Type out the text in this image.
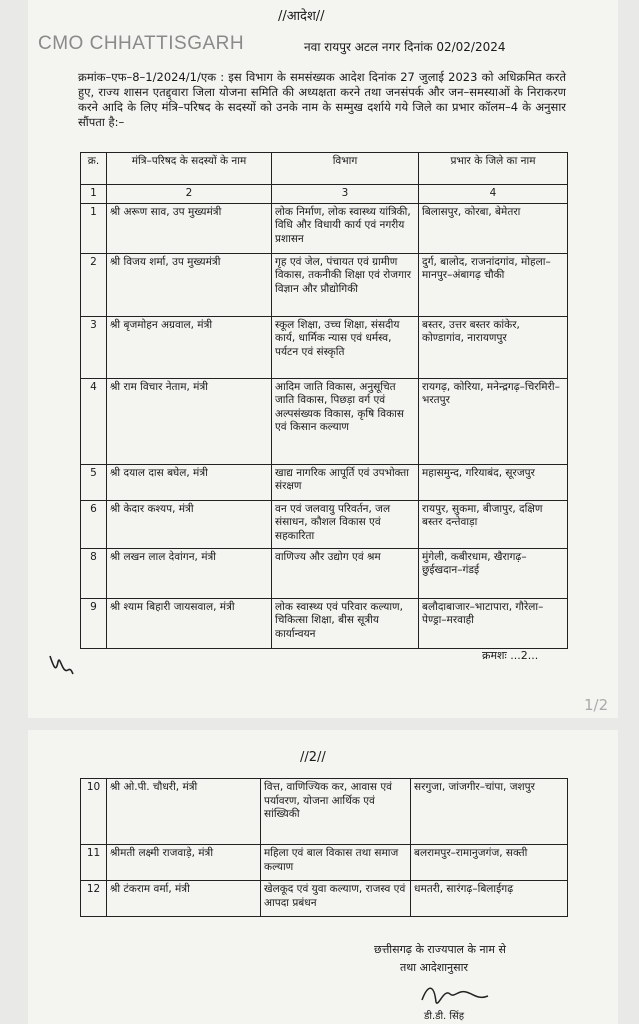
//आदेश//
CMO CHHATTISGARH	नवा रायपुर अटल नगर दिनांक 02/02/2024
क्रमांक–एफ–8–1/2024/1/एक : इस विभाग के समसंख्यक आदेश दिनांक 27 जुलाई 2023 को अधिक्रमित करते हुए, राज्य शासन एतद्द्वारा जिला योजना समिति की अध्यक्षता करने तथा जनसंपर्क और जन–समस्याओं के निराकरण करने आदि के लिए मंत्रि–परिषद के सदस्यों को उनके नाम के सम्मुख दर्शाये गये जिले का प्रभार कॉलम–4 के अनुसार सौंपता है:–
क्र.	मंत्रि–परिषद के सदस्यों के नाम	विभाग	प्रभार के जिले का नाम
1	2	3	4
1	श्री अरूण साव, उप मुख्यमंत्री	लोक निर्माण, लोक स्वास्थ्य यांत्रिकी, विधि और विधायी कार्य एवं नगरीय प्रशासन	बिलासपुर, कोरबा, बेमेतरा
2	श्री विजय शर्मा, उप मुख्यमंत्री	गृह एवं जेल, पंचायत एवं ग्रामीण विकास, तकनीकी शिक्षा एवं रोजगार विज्ञान और प्रौद्योगिकी	दुर्ग, बालोद, राजनांदगांव, मोहला–मानपुर–अंबागढ़ चौकी
3	श्री बृजमोहन अग्रवाल, मंत्री	स्कूल शिक्षा, उच्च शिक्षा, संसदीय कार्य, धार्मिक न्यास एवं धर्मस्व, पर्यटन एवं संस्कृति	बस्तर, उत्तर बस्तर कांकेर, कोण्डागांव, नारायणपुर
4	श्री राम विचार नेताम, मंत्री	आदिम जाति विकास, अनुसूचित जाति विकास, पिछड़ा वर्ग एवं अल्पसंख्यक विकास, कृषि विकास एवं किसान कल्याण	रायगढ़, कोरिया, मनेन्द्रगढ़–चिरमिरी–भरतपुर
5	श्री दयाल दास बघेल, मंत्री	खाद्य नागरिक आपूर्ति एवं उपभोक्ता संरक्षण	महासमुन्द, गरियाबंद, सूरजपुर
6	श्री केदार कश्यप, मंत्री	वन एवं जलवायु परिवर्तन, जल संसाधन, कौशल विकास एवं सहकारिता	रायपुर, सुकमा, बीजापुर, दक्षिण बस्तर दन्तेवाड़ा
8	श्री लखन लाल देवांगन, मंत्री	वाणिज्य और उद्योग एवं श्रम	मुंगेली, कबीरधाम, खैरागढ़–छुईखदान–गंडई
9	श्री श्याम बिहारी जायसवाल, मंत्री	लोक स्वास्थ्य एवं परिवार कल्याण, चिकित्सा शिक्षा, बीस सूत्रीय कार्यान्वयन	बलौदाबाजार–भाटापारा, गौरेला–पेण्ड्रा–मरवाही
क्रमशः ...2...
1/2
//2//
10	श्री ओ.पी. चौधरी, मंत्री	वित्त, वाणिज्यिक कर, आवास एवं पर्यावरण, योजना आर्थिक एवं सांख्यिकी	सरगुजा, जांजगीर–चांपा, जशपुर
11	श्रीमती लक्ष्मी राजवाड़े, मंत्री	महिला एवं बाल विकास तथा समाज कल्याण	बलरामपुर–रामानुजगंज, सक्ती
12	श्री टंकराम वर्मा, मंत्री	खेलकूद एवं युवा कल्याण, राजस्व एवं आपदा प्रबंधन	धमतरी, सारंगढ़–बिलाईगढ़
छत्तीसगढ़ के राज्यपाल के नाम से
तथा आदेशानुसार
डी.डी. सिंह
